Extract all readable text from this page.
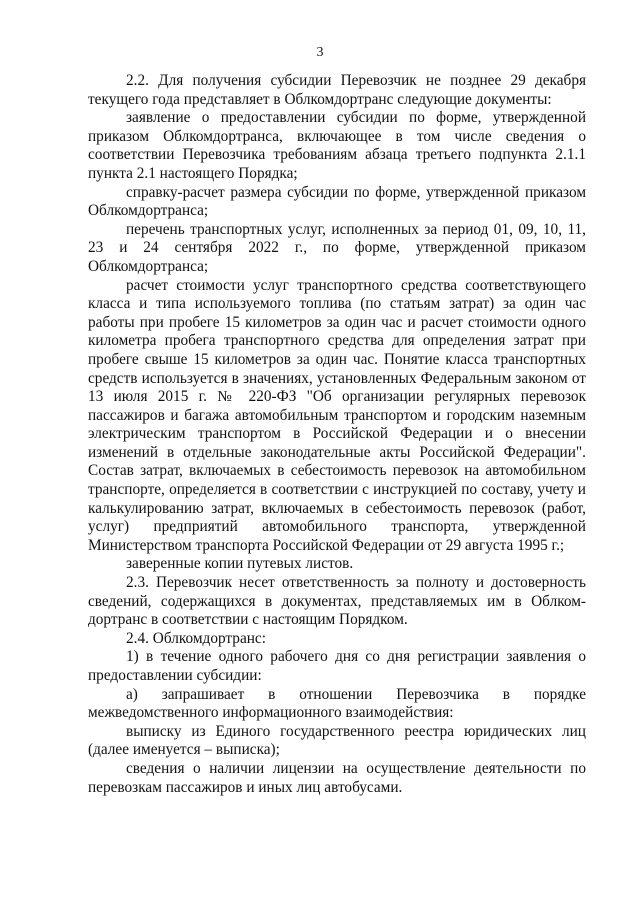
3

2.2. Для получения субсидии Перевозчик не позднее 29 декабря текущего года представляет в Облкомдортранс следующие документы:

заявление о предоставлении субсидии по форме, утвержденной приказом Облкомдортранса, включающее в том числе сведения о соответствии Перевозчика требованиям абзаца третьего подпункта 2.1.1 пункта 2.1 настоящего Порядка;

справку-расчет размера субсидии по форме, утвержденной приказом Облкомдортранса;

перечень транспортных услуг, исполненных за период 01, 09, 10, 11, 23 и 24 сентября 2022 г., по форме, утвержденной приказом Облкомдортранса;

расчет стоимости услуг транспортного средства соответствующего класса и типа используемого топлива (по статьям затрат) за один час работы при пробеге 15 километров за один час и расчет стоимости одного километра пробега транспортного средства для определения затрат при пробеге свыше 15 километров за один час. Понятие класса транспортных средств используется в значениях, установленных Федеральным законом от 13 июля 2015 г. № 220-ФЗ "Об организации регулярных перевозок пассажиров и багажа автомобильным транспортом и городским наземным электрическим транспортом в Российской Федерации и о внесении изменений в отдельные законодательные акты Российской Федерации". Состав затрат, включаемых в себестоимость перевозок на автомобильном транспорте, определяется в соответствии с инструкцией по составу, учету и калькулированию затрат, включаемых в себестоимость перевозок (работ, услуг) предприятий автомобильного транспорта, утвержденной Министерством транспорта Российской Федерации от 29 августа 1995 г.;

заверенные копии путевых листов.

2.3. Перевозчик несет ответственность за полноту и достоверность сведений, содержащихся в документах, представляемых им в Облком-дортранс в соответствии с настоящим Порядком.

2.4. Облкомдортранс:

1) в течение одного рабочего дня со дня регистрации заявления о предоставлении субсидии:

а) запрашивает в отношении Перевозчика в порядке межведомственного информационного взаимодействия:

выписку из Единого государственного реестра юридических лиц (далее именуется – выписка);

сведения о наличии лицензии на осуществление деятельности по перевозкам пассажиров и иных лиц автобусами.
